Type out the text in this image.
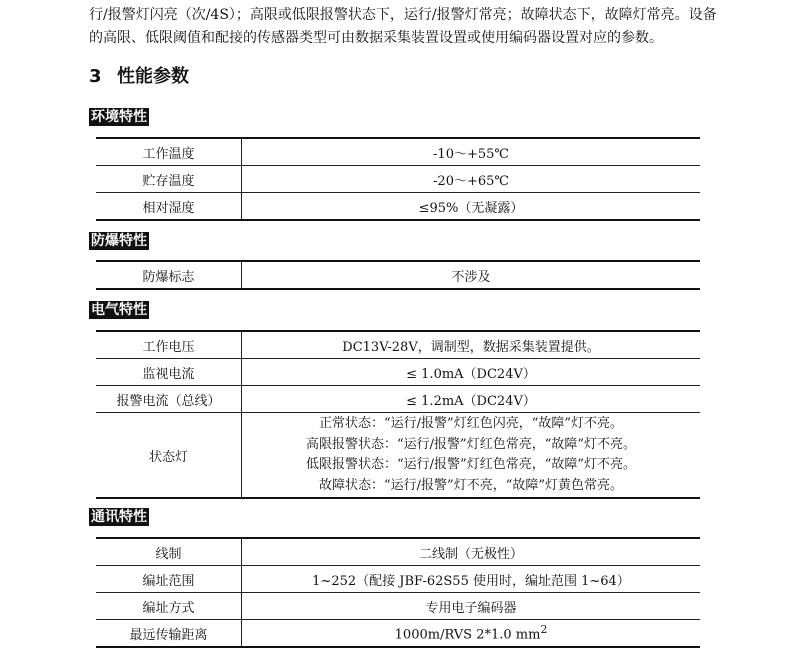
行/报警灯闪亮（次/4S）；高限或低限报警状态下，运行/报警灯常亮；故障状态下，故障灯常亮。设备
的高限、低限阈值和配接的传感器类型可由数据采集装置设置或使用编码器设置对应的参数。

3 性能参数
环境特性
工作温度	-10～+55℃
贮存温度	-20～+65℃
相对湿度	≤95%（无凝露）
防爆特性
防爆标志	不涉及
电气特性
工作电压	DC13V-28V，调制型，数据采集装置提供。
监视电流	≤ 1.0mA（DC24V）
报警电流（总线）	≤ 1.2mA（DC24V）
状态灯	正常状态：“运行/报警”灯红色闪亮，“故障”灯不亮。
高限报警状态：“运行/报警”灯红色常亮，“故障”灯不亮。
低限报警状态：“运行/报警”灯红色常亮，“故障”灯不亮。
故障状态：“运行/报警”灯不亮，“故障”灯黄色常亮。
通讯特性
线制	二线制（无极性）
编址范围	1~252（配接 JBF-62S55 使用时，编址范围 1~64）
编址方式	专用电子编码器
最远传输距离	1000m/RVS 2*1.0 $mm^2$
